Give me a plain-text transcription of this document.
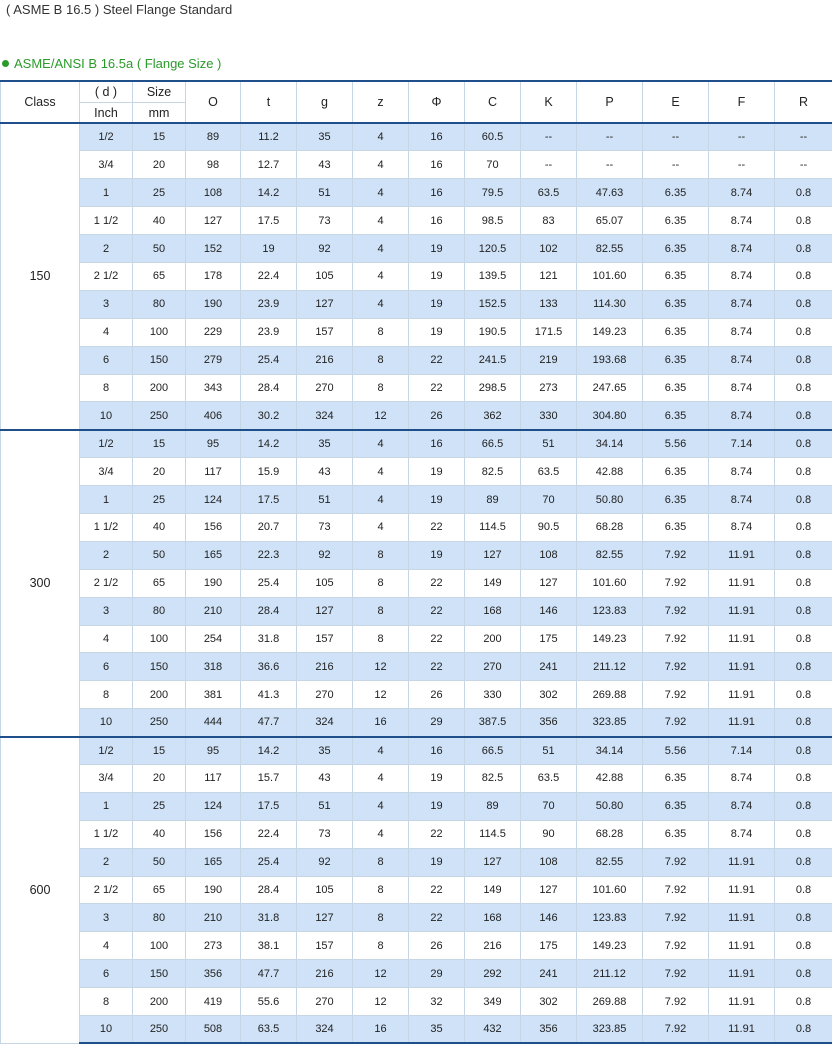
( ASME B 16.5 ) Steel Flange Standard
ASME/ANSI B 16.5a ( Flange Size )
Class	( d )	Size	O	t	g	z	Φ	C	K	P	E	F	R
	Inch	mm											
150	1/2	15	89	11.2	35	4	16	60.5	--	--	--	--	--
	3/4	20	98	12.7	43	4	16	70	--	--	--	--	--
	1	25	108	14.2	51	4	16	79.5	63.5	47.63	6.35	8.74	0.8
	1 1/2	40	127	17.5	73	4	16	98.5	83	65.07	6.35	8.74	0.8
	2	50	152	19	92	4	19	120.5	102	82.55	6.35	8.74	0.8
	2 1/2	65	178	22.4	105	4	19	139.5	121	101.60	6.35	8.74	0.8
	3	80	190	23.9	127	4	19	152.5	133	114.30	6.35	8.74	0.8
	4	100	229	23.9	157	8	19	190.5	171.5	149.23	6.35	8.74	0.8
	6	150	279	25.4	216	8	22	241.5	219	193.68	6.35	8.74	0.8
	8	200	343	28.4	270	8	22	298.5	273	247.65	6.35	8.74	0.8
	10	250	406	30.2	324	12	26	362	330	304.80	6.35	8.74	0.8
300	1/2	15	95	14.2	35	4	16	66.5	51	34.14	5.56	7.14	0.8
	3/4	20	117	15.9	43	4	19	82.5	63.5	42.88	6.35	8.74	0.8
	1	25	124	17.5	51	4	19	89	70	50.80	6.35	8.74	0.8
	1 1/2	40	156	20.7	73	4	22	114.5	90.5	68.28	6.35	8.74	0.8
	2	50	165	22.3	92	8	19	127	108	82.55	7.92	11.91	0.8
	2 1/2	65	190	25.4	105	8	22	149	127	101.60	7.92	11.91	0.8
	3	80	210	28.4	127	8	22	168	146	123.83	7.92	11.91	0.8
	4	100	254	31.8	157	8	22	200	175	149.23	7.92	11.91	0.8
	6	150	318	36.6	216	12	22	270	241	211.12	7.92	11.91	0.8
	8	200	381	41.3	270	12	26	330	302	269.88	7.92	11.91	0.8
	10	250	444	47.7	324	16	29	387.5	356	323.85	7.92	11.91	0.8
600	1/2	15	95	14.2	35	4	16	66.5	51	34.14	5.56	7.14	0.8
	3/4	20	117	15.7	43	4	19	82.5	63.5	42.88	6.35	8.74	0.8
	1	25	124	17.5	51	4	19	89	70	50.80	6.35	8.74	0.8
	1 1/2	40	156	22.4	73	4	22	114.5	90	68.28	6.35	8.74	0.8
	2	50	165	25.4	92	8	19	127	108	82.55	7.92	11.91	0.8
	2 1/2	65	190	28.4	105	8	22	149	127	101.60	7.92	11.91	0.8
	3	80	210	31.8	127	8	22	168	146	123.83	7.92	11.91	0.8
	4	100	273	38.1	157	8	26	216	175	149.23	7.92	11.91	0.8
	6	150	356	47.7	216	12	29	292	241	211.12	7.92	11.91	0.8
	8	200	419	55.6	270	12	32	349	302	269.88	7.92	11.91	0.8
	10	250	508	63.5	324	16	35	432	356	323.85	7.92	11.91	0.8
